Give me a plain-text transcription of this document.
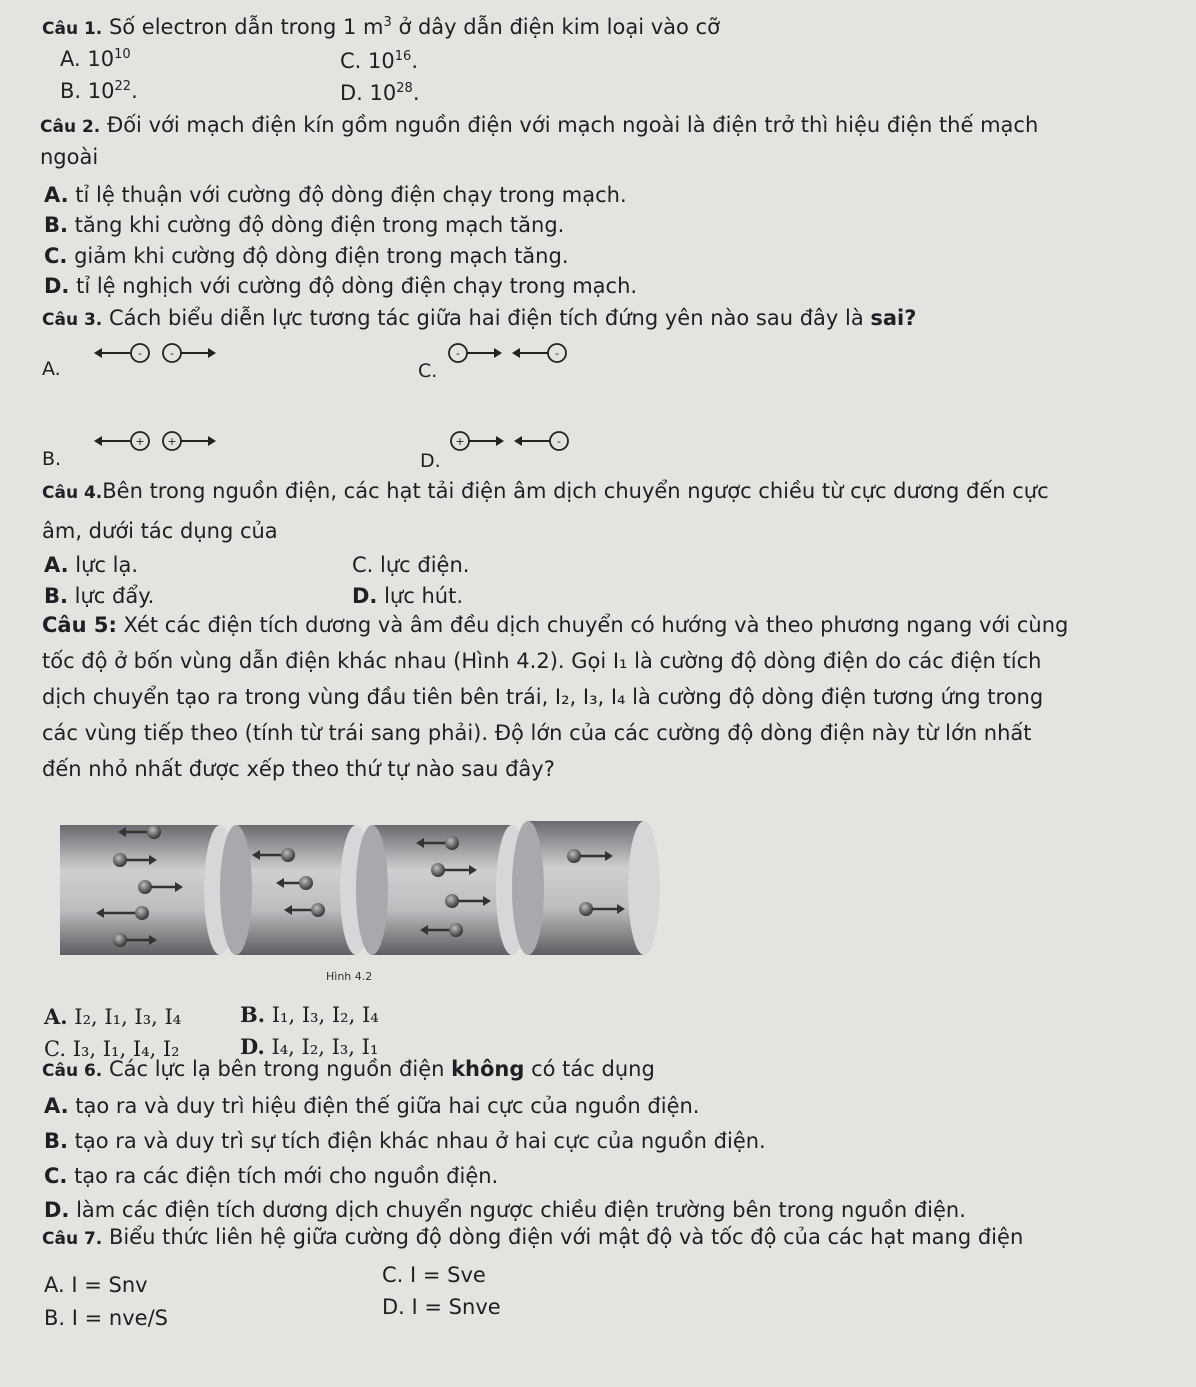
Câu 1. Số electron dẫn trong 1 $m^3$ ở dây dẫn điện kim loại vào cỡ
A. $10^{10}$	C. $10^{16}$.
B. $10^{22}$.	D. $10^{28}$.
Câu 2. Đối với mạch điện kín gồm nguồn điện với mạch ngoài là điện trở thì hiệu điện thế mạch
ngoài
A. tỉ lệ thuận với cường độ dòng điện chạy trong mạch.
B. tăng khi cường độ dòng điện trong mạch tăng.
C. giảm khi cường độ dòng điện trong mạch tăng.
D. tỉ lệ nghịch với cường độ dòng điện chạy trong mạch.
Câu 3. Cách biểu diễn lực tương tác giữa hai điện tích đứng yên nào sau đây là sai?
A.
-	-
C.
-	-
B.
+ +
D.
+	-
Câu 4.Bên trong nguồn điện, các hạt tải điện âm dịch chuyển ngược chiều từ cực dương đến cực
âm, dưới tác dụng của
A. lực lạ.	C. lực điện.
B. lực đẩy.	D. lực hút.
Câu 5: Xét các điện tích dương và âm đều dịch chuyển có hướng và theo phương ngang với cùng
tốc độ ở bốn vùng dẫn điện khác nhau (Hình 4.2). Gọi I₁ là cường độ dòng điện do các điện tích
dịch chuyển tạo ra trong vùng đầu tiên bên trái, I₂, I₃, I₄ là cường độ dòng điện tương ứng trong
các vùng tiếp theo (tính từ trái sang phải). Độ lớn của các cường độ dòng điện này từ lớn nhất
đến nhỏ nhất được xếp theo thứ tự nào sau đây?
Hình 4.2
A. I₂, I₁, I₃, I₄	B. I₁, I₃, I₂, I₄
C. I₃, I₁, I₄, I₂	D. I₄, I₂, I₃, I₁
Câu 6. Các lực lạ bên trong nguồn điện không có tác dụng
A. tạo ra và duy trì hiệu điện thế giữa hai cực của nguồn điện.
B. tạo ra và duy trì sự tích điện khác nhau ở hai cực của nguồn điện.
C. tạo ra các điện tích mới cho nguồn điện.
D. làm các điện tích dương dịch chuyển ngược chiều điện trường bên trong nguồn điện.
Câu 7. Biểu thức liên hệ giữa cường độ dòng điện với mật độ và tốc độ của các hạt mang điện
A. I = Snv	C. I = Sve
B. I = nve/S	D. I = Snve
